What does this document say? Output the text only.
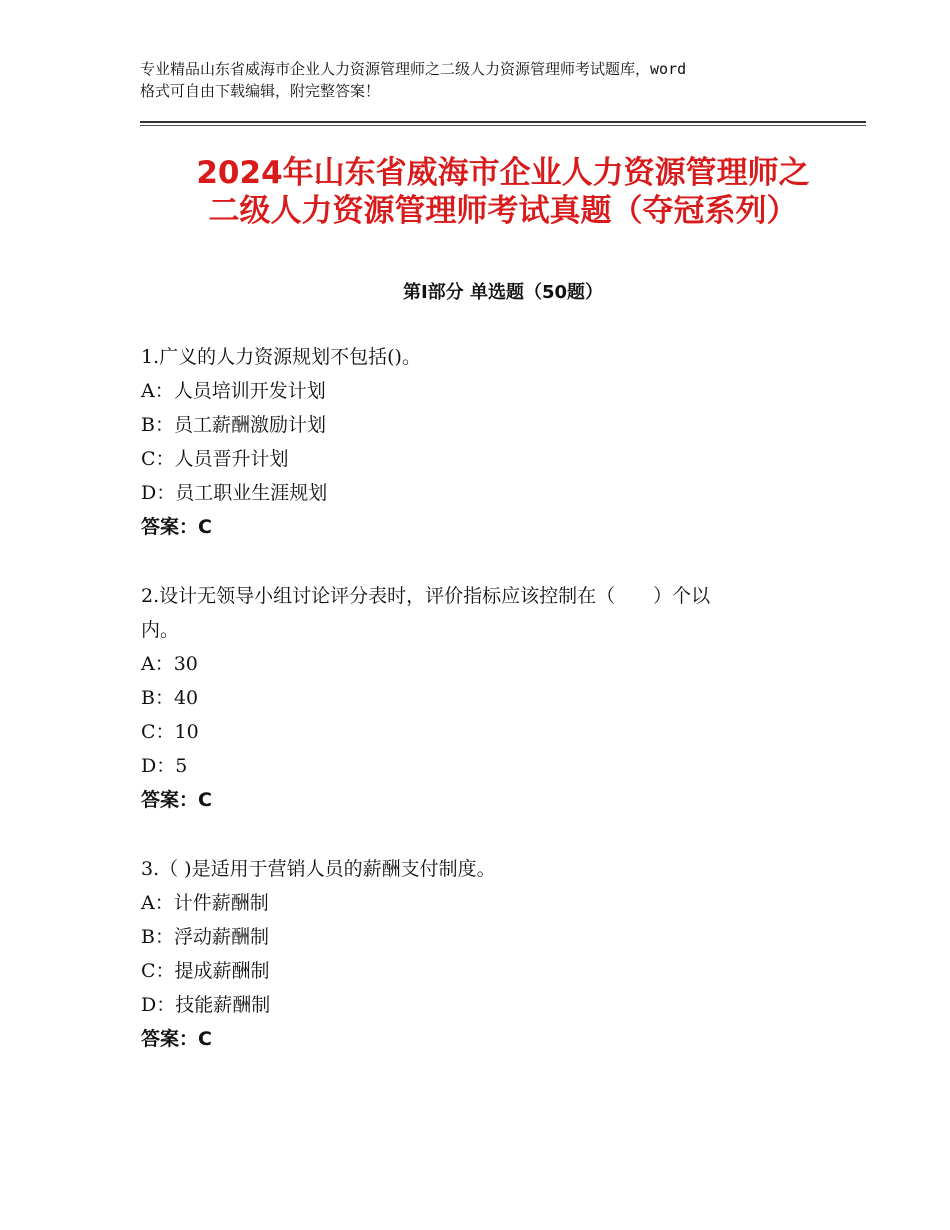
专业精品山东省威海市企业人力资源管理师之二级人力资源管理师考试题库，word
格式可自由下载编辑，附完整答案！
2024年山东省威海市企业人力资源管理师之
二级人力资源管理师考试真题（夺冠系列）
第Ⅰ部分 单选题（50题）
1.广义的人力资源规划不包括()。
A：人员培训开发计划
B：员工薪酬激励计划
C：人员晋升计划
D：员工职业生涯规划
答案：C
2.设计无领导小组讨论评分表时，评价指标应该控制在（　　）个以
内。
A：30
B：40
C：10
D：5
答案：C
3.（ )是适用于营销人员的薪酬支付制度。
A：计件薪酬制
B：浮动薪酬制
C：提成薪酬制
D：技能薪酬制
答案：C
